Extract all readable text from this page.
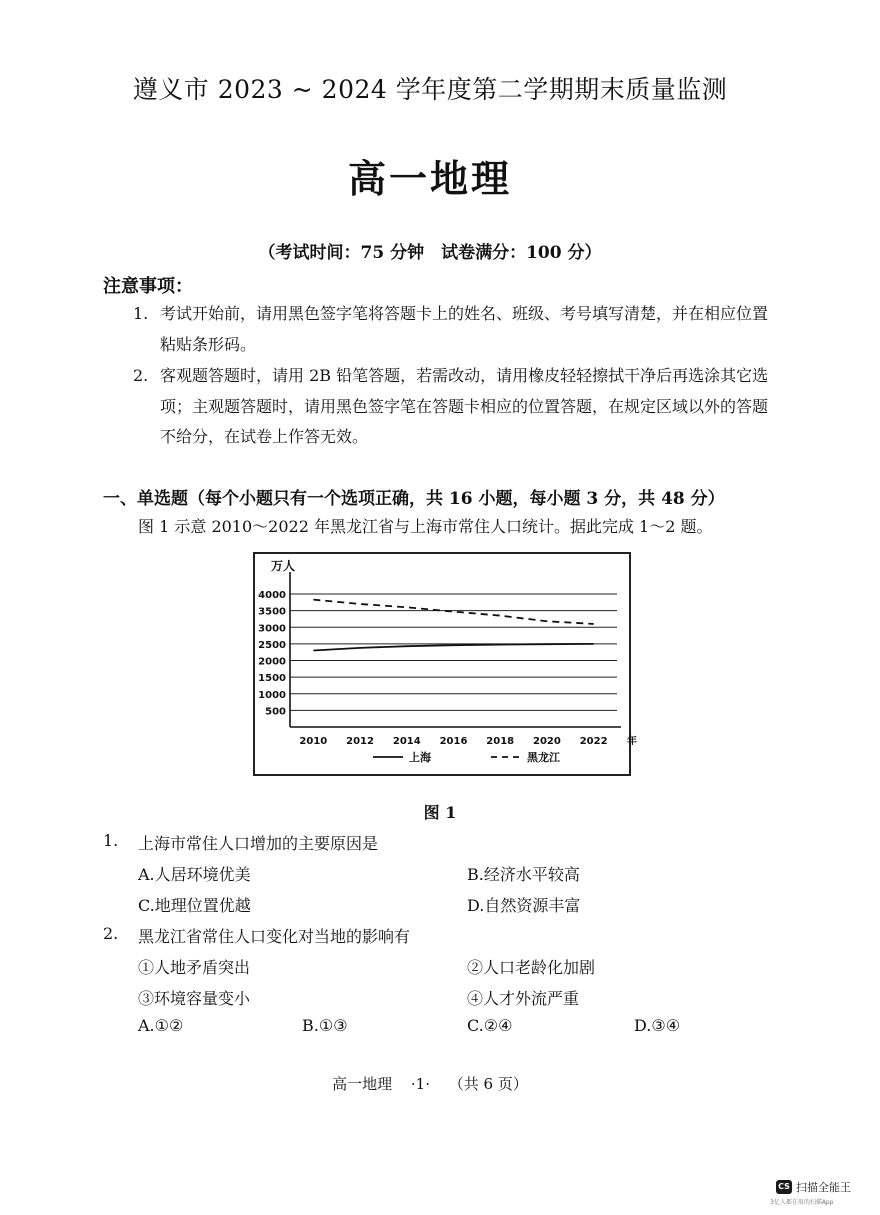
遵义市 2023 ~ 2024 学年度第二学期期末质量监测
高一地理
（考试时间：75 分钟　试卷满分：100 分）
注意事项：
1. 考试开始前，请用黑色签字笔将答题卡上的姓名、班级、考号填写清楚，并在相应位置
粘贴条形码。
2. 客观题答题时，请用 2B 铅笔答题，若需改动，请用橡皮轻轻擦拭干净后再选涂其它选
项；主观题答题时，请用黑色签字笔在答题卡相应的位置答题，在规定区域以外的答题
不给分，在试卷上作答无效。
一、单选题（每个小题只有一个选项正确，共 16 小题，每小题 3 分，共 48 分）
图 1 示意 2010～2022 年黑龙江省与上海市常住人口统计。据此完成 1～2 题。
万人
500
1000
1500
2000
2500
3000
3500
4000
2010 2012 2014 2016 2018 2020 2022 年
上海	黑龙江
图 1
1. 上海市常住人口增加的主要原因是
A.人居环境优美	B.经济水平较高
C.地理位置优越	D.自然资源丰富
2. 黑龙江省常住人口变化对当地的影响有
①人地矛盾突出	②人口老龄化加剧
③环境容量变小	④人才外流严重
A.①②	B.①③	C.②④	D.③④
高一地理 ·1· （共 6 页）
CS 扫描全能王
3亿人都在用的扫描App
